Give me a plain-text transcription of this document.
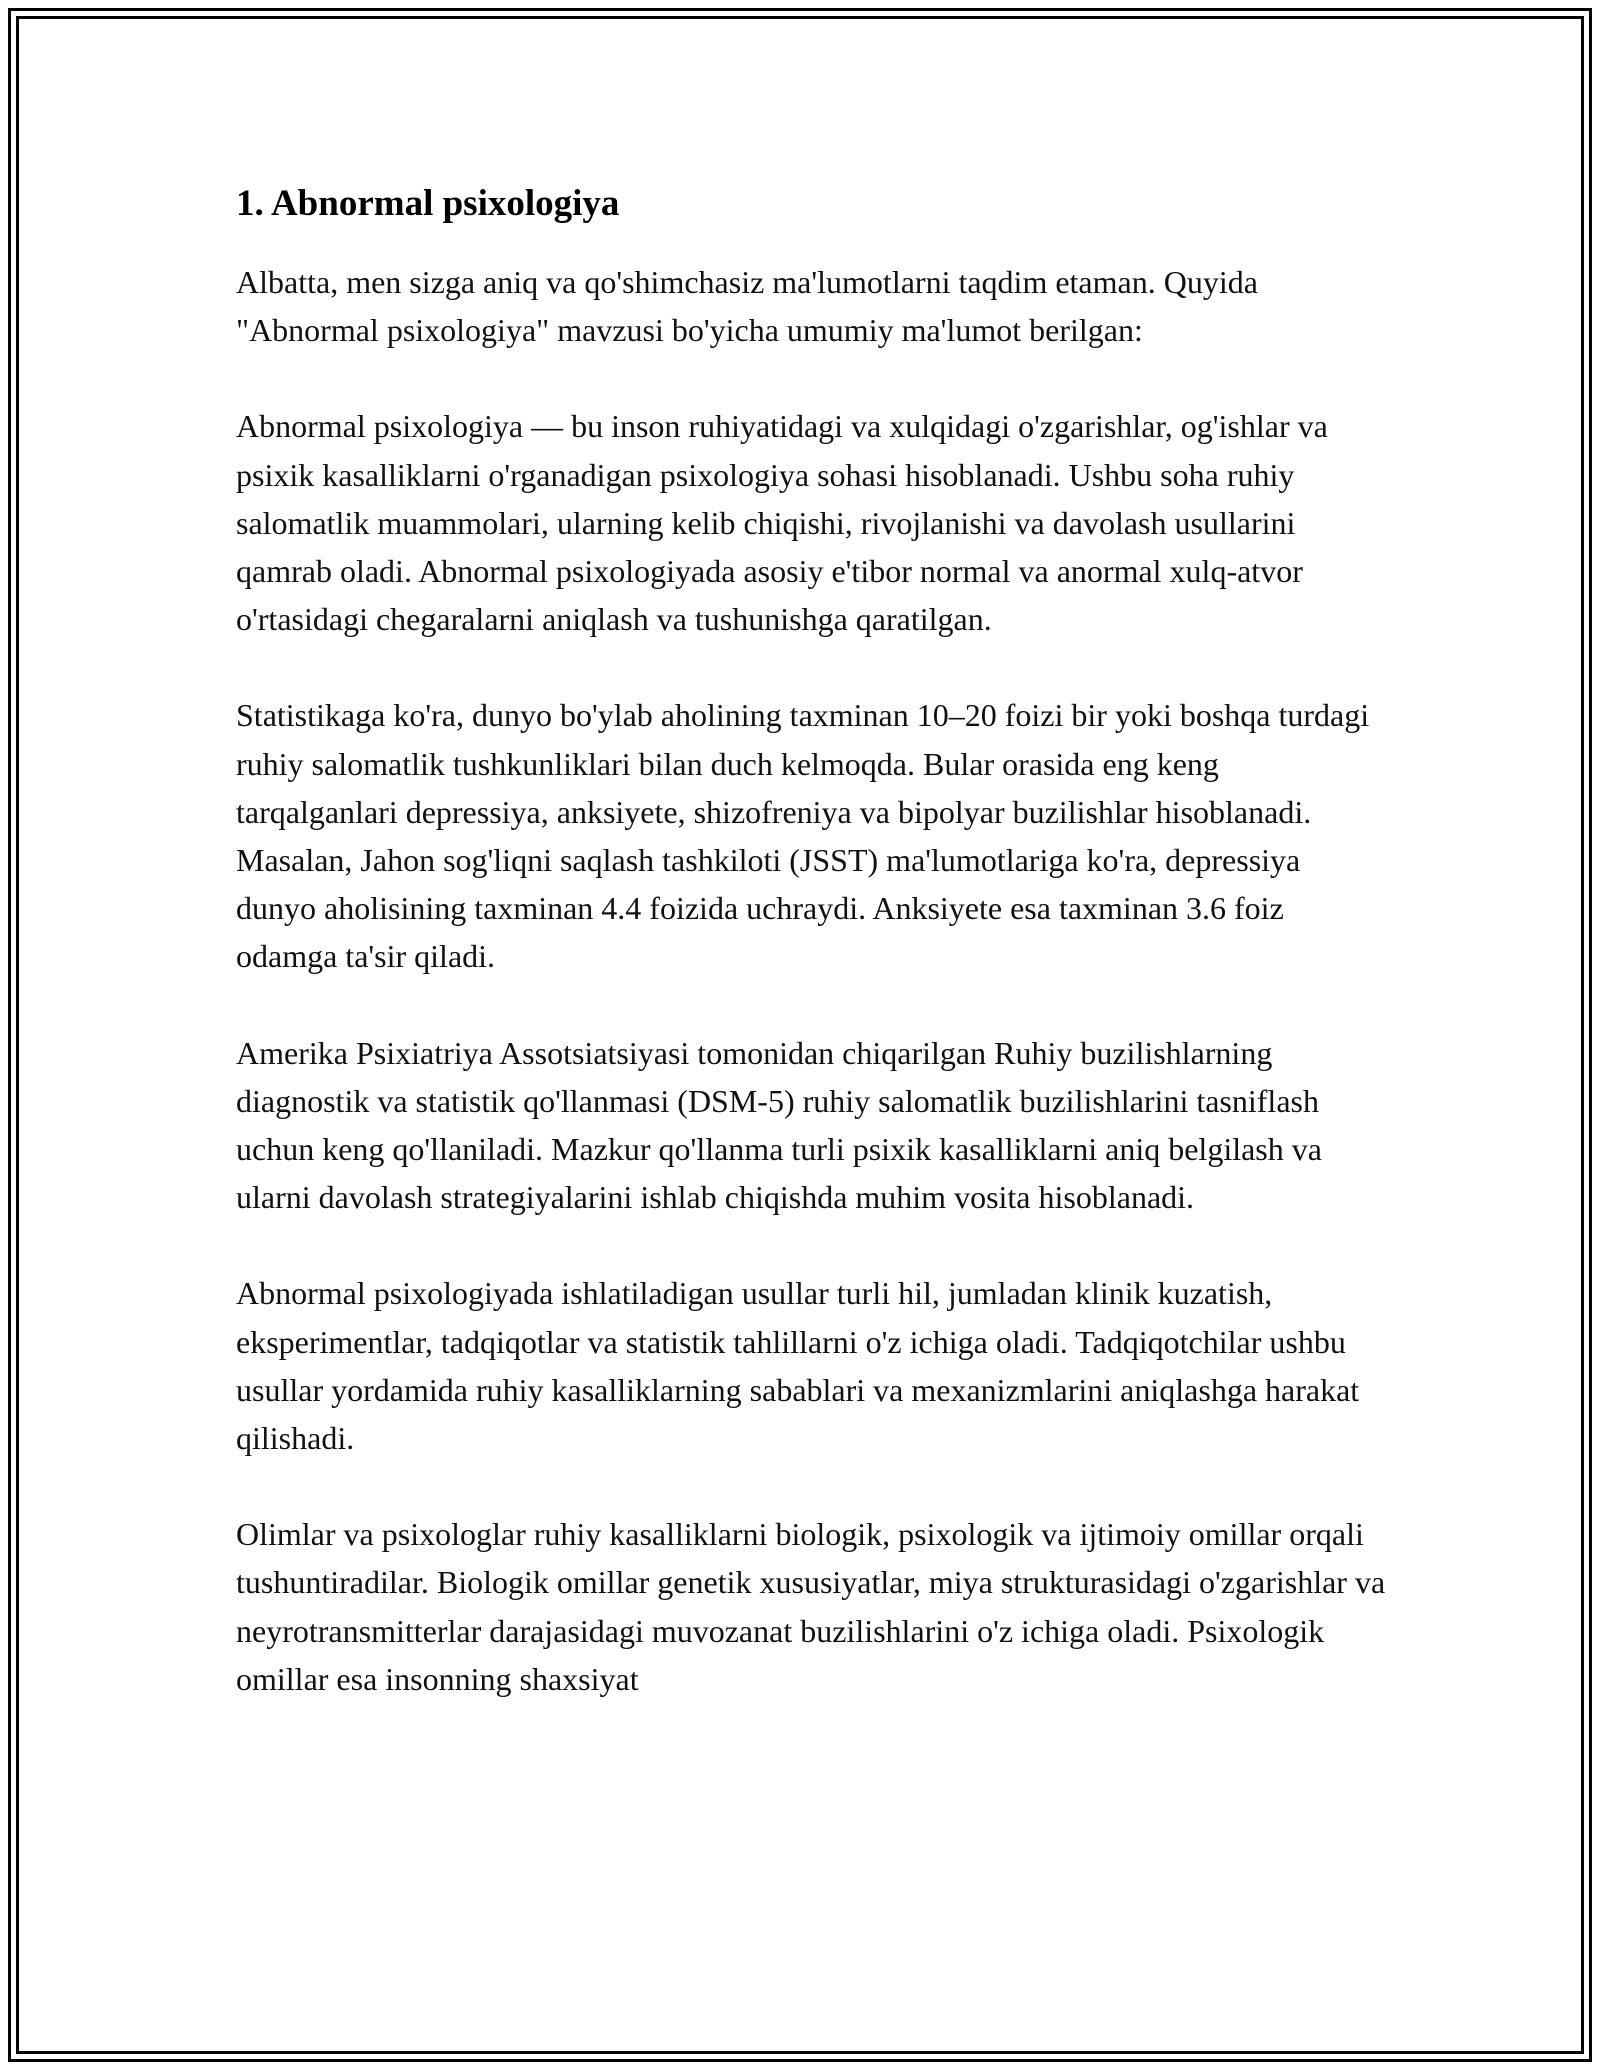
1. Abnormal psixologiya

Albatta, men sizga aniq va qo'shimchasiz ma'lumotlarni taqdim etaman. Quyida "Abnormal psixologiya" mavzusi bo'yicha umumiy ma'lumot berilgan:

Abnormal psixologiya — bu inson ruhiyatidagi va xulqidagi o'zgarishlar, og'ishlar va psixik kasalliklarni o'rganadigan psixologiya sohasi hisoblanadi. Ushbu soha ruhiy salomatlik muammolari, ularning kelib chiqishi, rivojlanishi va davolash usullarini qamrab oladi. Abnormal psixologiyada asosiy e'tibor normal va anormal xulq-atvor o'rtasidagi chegaralarni aniqlash va tushunishga qaratilgan.

Statistikaga ko'ra, dunyo bo'ylab aholining taxminan 10–20 foizi bir yoki boshqa turdagi ruhiy salomatlik tushkunliklari bilan duch kelmoqda. Bular orasida eng keng tarqalganlari depressiya, anksiyete, shizofreniya va bipolyar buzilishlar hisoblanadi. Masalan, Jahon sog'liqni saqlash tashkiloti (JSST) ma'lumotlariga ko'ra, depressiya dunyo aholisining taxminan 4.4 foizida uchraydi. Anksiyete esa taxminan 3.6 foiz odamga ta'sir qiladi.

Amerika Psixiatriya Assotsiatsiyasi tomonidan chiqarilgan Ruhiy buzilishlarning diagnostik va statistik qo'llanmasi (DSM-5) ruhiy salomatlik buzilishlarini tasniflash uchun keng qo'llaniladi. Mazkur qo'llanma turli psixik kasalliklarni aniq belgilash va ularni davolash strategiyalarini ishlab chiqishda muhim vosita hisoblanadi.

Abnormal psixologiyada ishlatiladigan usullar turli hil, jumladan klinik kuzatish, eksperimentlar, tadqiqotlar va statistik tahlillarni o'z ichiga oladi. Tadqiqotchilar ushbu usullar yordamida ruhiy kasalliklarning sabablari va mexanizmlarini aniqlashga harakat qilishadi.

Olimlar va psixologlar ruhiy kasalliklarni biologik, psixologik va ijtimoiy omillar orqali tushuntiradilar. Biologik omillar genetik xususiyatlar, miya strukturasidagi o'zgarishlar va neyrotransmitterlar darajasidagi muvozanat buzilishlarini o'z ichiga oladi. Psixologik omillar esa insonning shaxsiyat
